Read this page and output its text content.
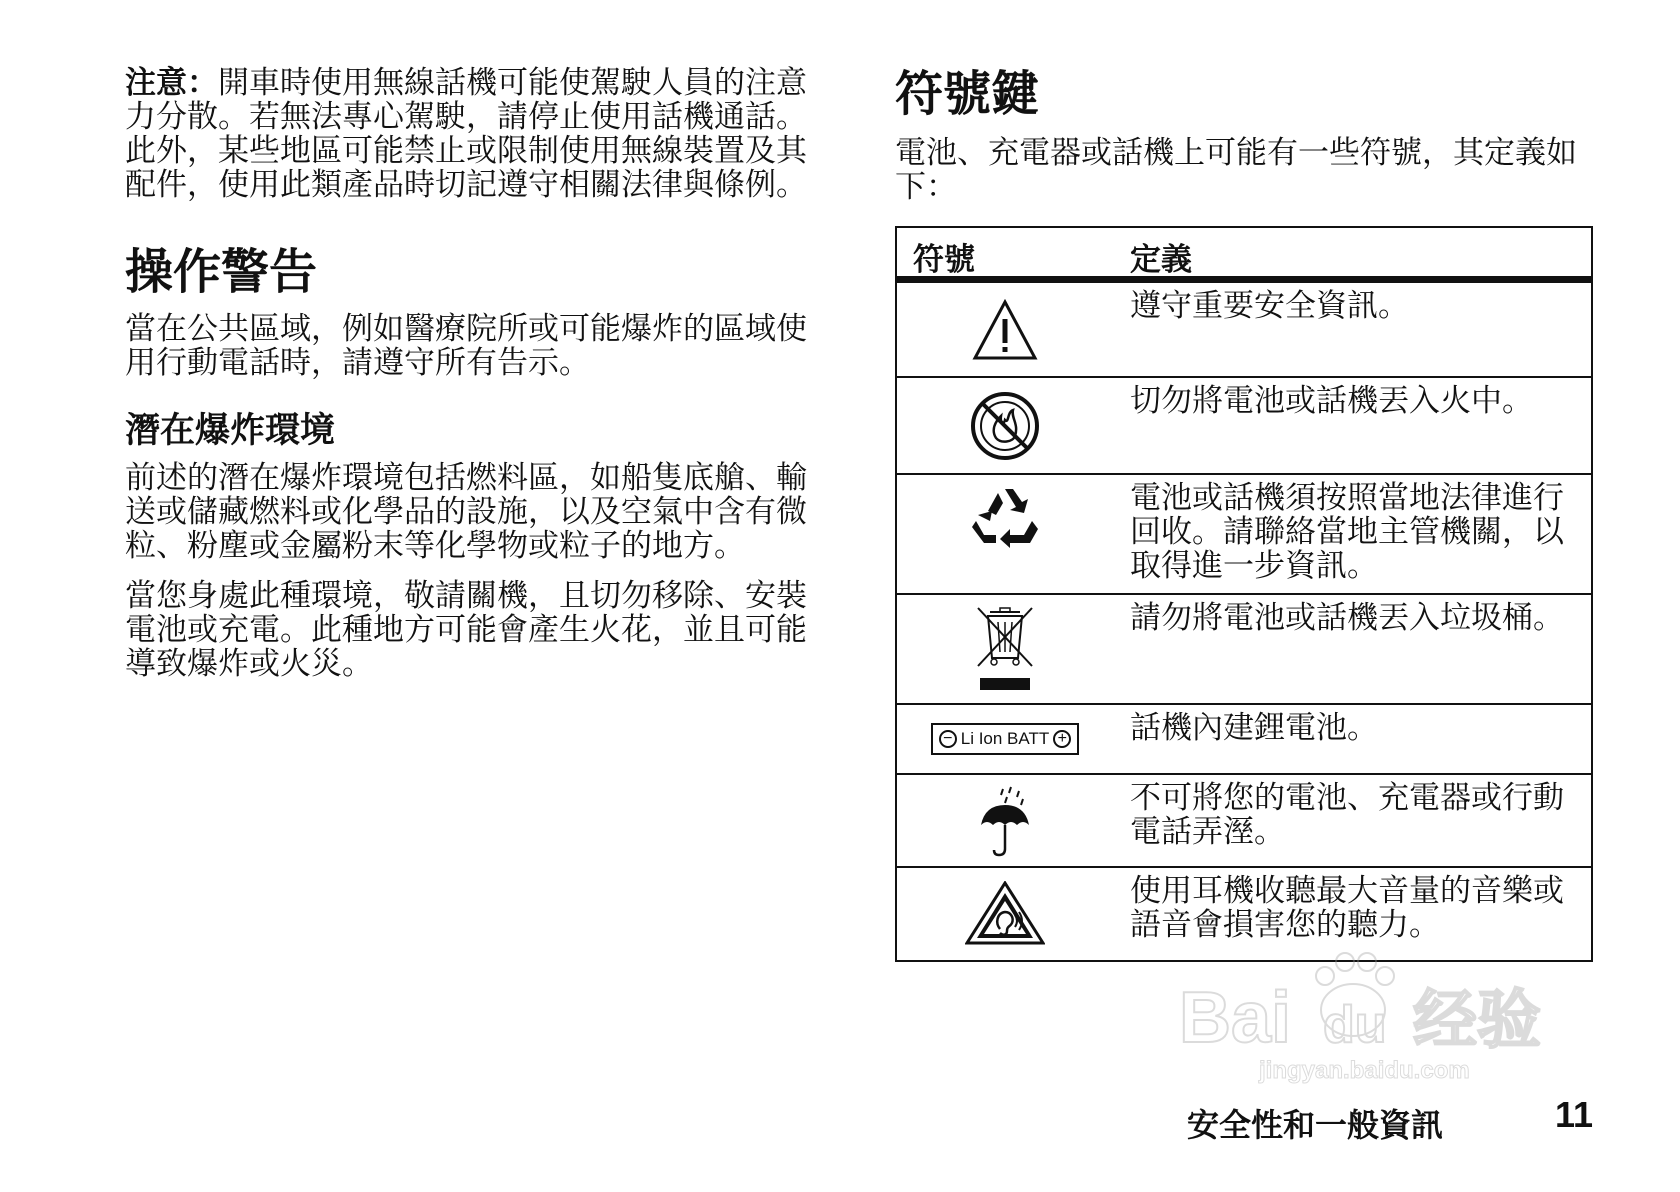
注意：開車時使用無線話機可能使駕駛人員的注意力分散。若無法專心駕駛，請停止使用話機通話。此外，某些地區可能禁止或限制使用無線裝置及其配件，使用此類產品時切記遵守相關法律與條例。

操作警告

當在公共區域，例如醫療院所或可能爆炸的區域使用行動電話時，請遵守所有告示。

潛在爆炸環境

前述的潛在爆炸環境包括燃料區，如船隻底艙、輸送或儲藏燃料或化學品的設施，以及空氣中含有微粒、粉塵或金屬粉末等化學物或粒子的地方。

當您身處此種環境，敬請關機，且切勿移除、安裝電池或充電。此種地方可能會產生火花，並且可能導致爆炸或火災。

符號鍵

電池、充電器或話機上可能有一些符號，其定義如下：

符號	定義
遵守重要安全資訊。
切勿將電池或話機丟入火中。
電池或話機須按照當地法律進行回收。請聯絡當地主管機關，以取得進一步資訊。
請勿將電池或話機丟入垃圾桶。
− Li Ion BATT + 話機內建鋰電池。
不可將您的電池、充電器或行動電話弄溼。
使用耳機收聽最大音量的音樂或語音會損害您的聽力。
Bai du 经验
jingyan.baidu.com
安全性和一般資訊	11
